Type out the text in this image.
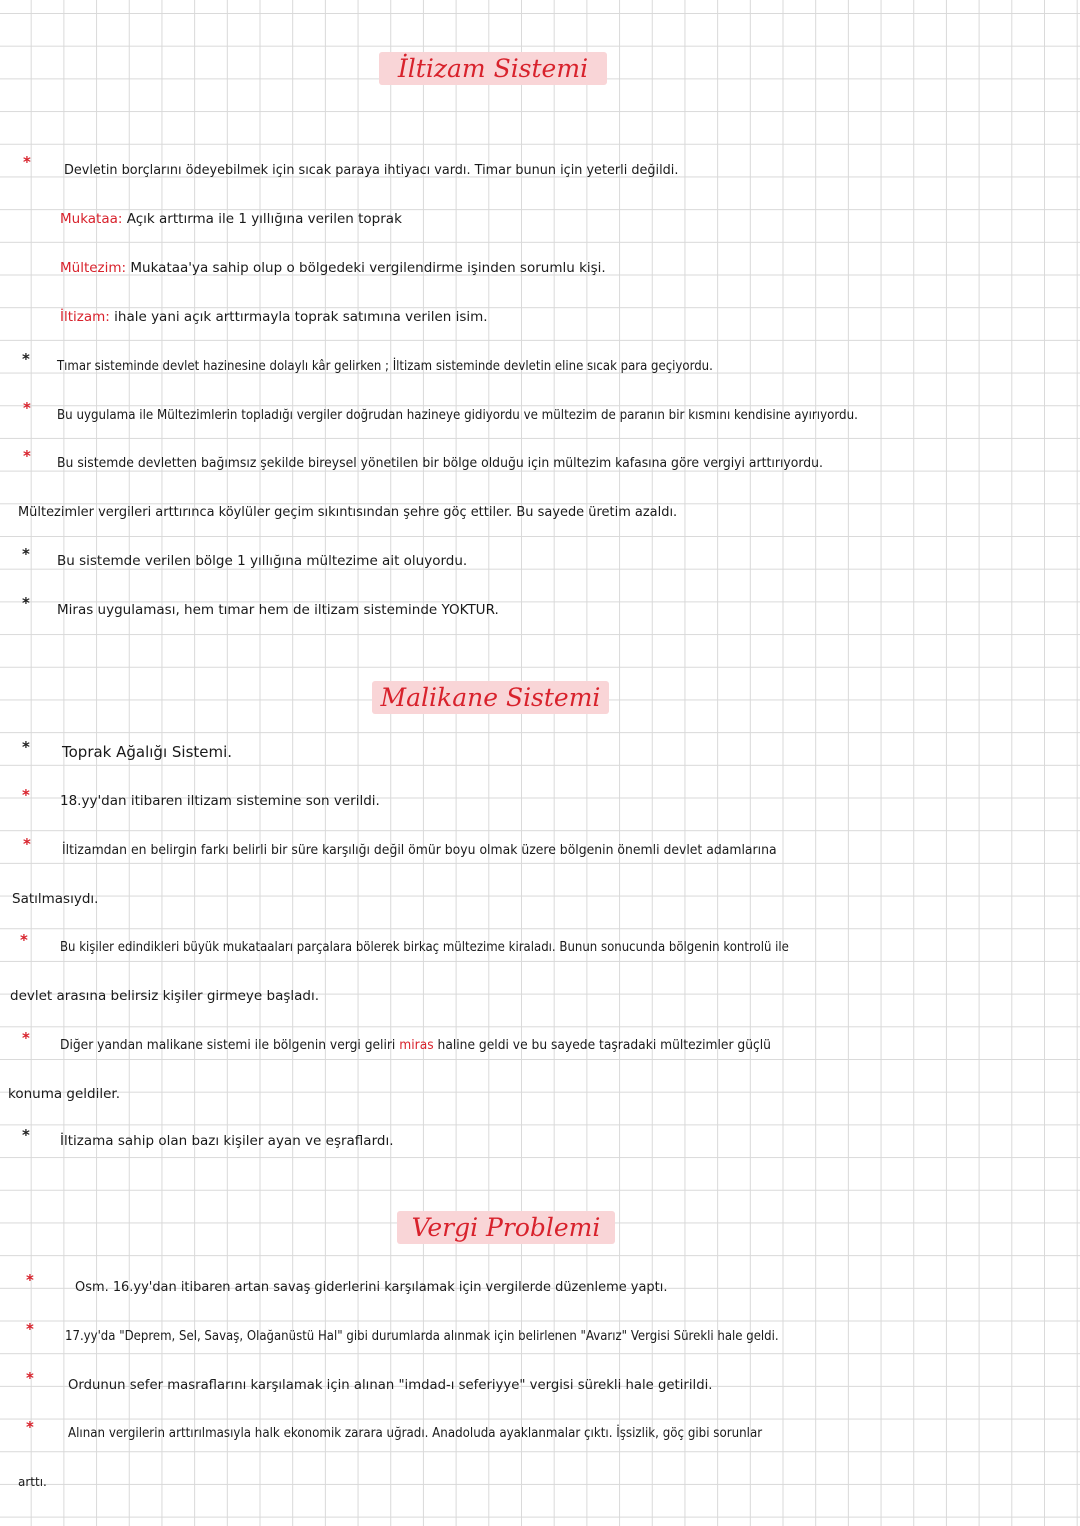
İltizam Sistemi
* Devletin borçlarını ödeyebilmek için sıcak paraya ihtiyacı vardı. Timar bunun için yeterli değildi.
Mukataa: Açık arttırma ile 1 yıllığına verilen toprak
Mültezim: Mukataa'ya sahip olup o bölgedeki vergilendirme işinden sorumlu kişi.
İltizam: ihale yani açık arttırmayla toprak satımına verilen isim.
* Tımar sisteminde devlet hazinesine dolaylı kâr gelirken ; İltizam sisteminde devletin eline sıcak para geçiyordu.
* Bu uygulama ile Mültezimlerin topladığı vergiler doğrudan hazineye gidiyordu ve mültezim de paranın bir kısmını kendisine ayırıyordu.
* Bu sistemde devletten bağımsız şekilde bireysel yönetilen bir bölge olduğu için mültezim kafasına göre vergiyi arttırıyordu.
Mültezimler vergileri arttırınca köylüler geçim sıkıntısından şehre göç ettiler. Bu sayede üretim azaldı.
* Bu sistemde verilen bölge 1 yıllığına mültezime ait oluyordu.
* Miras uygulaması, hem tımar hem de iltizam sisteminde YOKTUR.
Malikane Sistemi
* Toprak Ağalığı Sistemi.
* 18.yy'dan itibaren iltizam sistemine son verildi.
* İltizamdan en belirgin farkı belirli bir süre karşılığı değil ömür boyu olmak üzere bölgenin önemli devlet adamlarına
Satılmasıydı.
* Bu kişiler edindikleri büyük mukataaları parçalara bölerek birkaç mültezime kiraladı. Bunun sonucunda bölgenin kontrolü ile
devlet arasına belirsiz kişiler girmeye başladı.
* Diğer yandan malikane sistemi ile bölgenin vergi geliri miras haline geldi ve bu sayede taşradaki mültezimler güçlü
konuma geldiler.
* İltizama sahip olan bazı kişiler ayan ve eşraflardı.
Vergi Problemi
*	Osm. 16.yy'dan itibaren artan savaş giderlerini karşılamak için vergilerde düzenleme yaptı.
* 17.yy'da "Deprem, Sel, Savaş, Olağanüstü Hal" gibi durumlarda alınmak için belirlenen "Avarız" Vergisi Sürekli hale geldi.
*	Ordunun sefer masraflarını karşılamak için alınan "imdad-ı seferiyye" vergisi sürekli hale getirildi.
*	Alınan vergilerin arttırılmasıyla halk ekonomik zarara uğradı. Anadoluda ayaklanmalar çıktı. İşsizlik, göç gibi sorunlar
arttı.
